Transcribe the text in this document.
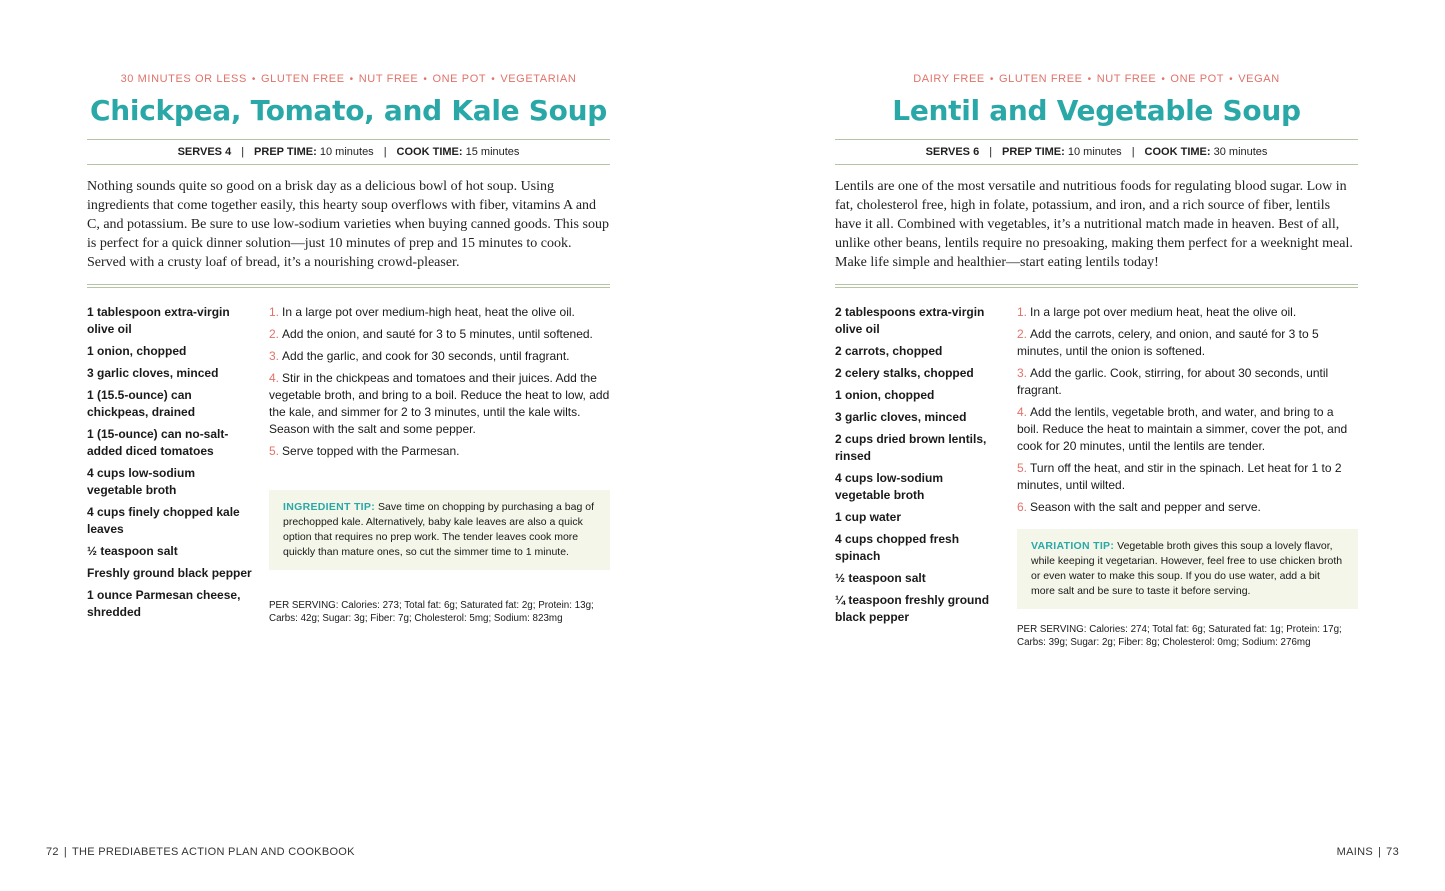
30 MINUTES OR LESS • GLUTEN FREE • NUT FREE • ONE POT • VEGETARIAN
Chickpea, Tomato, and Kale Soup
SERVES 4 | PREP TIME: 10 minutes | COOK TIME: 15 minutes

Nothing sounds quite so good on a brisk day as a delicious bowl of hot soup. Using ingredients that come together easily, this hearty soup overflows with fiber, vitamins A and C, and potassium. Be sure to use low-sodium varieties when buying canned goods. This soup is perfect for a quick dinner solution—just 10 minutes of prep and 15 minutes to cook. Served with a crusty loaf of bread, it’s a nourishing crowd-pleaser.

1 tablespoon extra-virgin olive oil
1 onion, chopped
3 garlic cloves, minced
1 (15.5-ounce) can chickpeas, drained
1 (15-ounce) can no-salt-added diced tomatoes
4 cups low-sodium vegetable broth
4 cups finely chopped kale leaves
½ teaspoon salt
Freshly ground black pepper
1 ounce Parmesan cheese, shredded
1. In a large pot over medium-high heat, heat the olive oil.
2. Add the onion, and sauté for 3 to 5 minutes, until softened.
3. Add the garlic, and cook for 30 seconds, until fragrant.
4. Stir in the chickpeas and tomatoes and their juices. Add the vegetable broth, and bring to a boil. Reduce the heat to low, add the kale, and simmer for 2 to 3 minutes, until the kale wilts. Season with the salt and some pepper.
5. Serve topped with the Parmesan.
INGREDIENT TIP: Save time on chopping by purchasing a bag of prechopped kale. Alternatively, baby kale leaves are also a quick option that requires no prep work. The tender leaves cook more quickly than mature ones, so cut the simmer time to 1 minute.

PER SERVING: Calories: 273; Total fat: 6g; Saturated fat: 2g; Protein: 13g; Carbs: 42g; Sugar: 3g; Fiber: 7g; Cholesterol: 5mg; Sodium: 823mg

DAIRY FREE • GLUTEN FREE • NUT FREE • ONE POT • VEGAN
Lentil and Vegetable Soup
SERVES 6 | PREP TIME: 10 minutes | COOK TIME: 30 minutes

Lentils are one of the most versatile and nutritious foods for regulating blood sugar. Low in fat, cholesterol free, high in folate, potassium, and iron, and a rich source of fiber, lentils have it all. Combined with vegetables, it’s a nutritional match made in heaven. Best of all, unlike other beans, lentils require no presoaking, making them perfect for a weeknight meal. Make life simple and healthier—start eating lentils today!

2 tablespoons extra-virgin olive oil
2 carrots, chopped
2 celery stalks, chopped
1 onion, chopped
3 garlic cloves, minced
2 cups dried brown lentils, rinsed
4 cups low-sodium vegetable broth
1 cup water
4 cups chopped fresh spinach
½ teaspoon salt
¼ teaspoon freshly ground black pepper
1. In a large pot over medium heat, heat the olive oil.
2. Add the carrots, celery, and onion, and sauté for 3 to 5 minutes, until the onion is softened.
3. Add the garlic. Cook, stirring, for about 30 seconds, until fragrant.
4. Add the lentils, vegetable broth, and water, and bring to a boil. Reduce the heat to maintain a simmer, cover the pot, and cook for 20 minutes, until the lentils are tender.
5. Turn off the heat, and stir in the spinach. Let heat for 1 to 2 minutes, until wilted.
6. Season with the salt and pepper and serve.
VARIATION TIP: Vegetable broth gives this soup a lovely flavor, while keeping it vegetarian. However, feel free to use chicken broth or even water to make this soup. If you do use water, add a bit more salt and be sure to taste it before serving.

PER SERVING: Calories: 274; Total fat: 6g; Saturated fat: 1g; Protein: 17g; Carbs: 39g; Sugar: 2g; Fiber: 8g; Cholesterol: 0mg; Sodium: 276mg

72 | THE PREDIABETES ACTION PLAN AND COOKBOOK	MAINS | 73
